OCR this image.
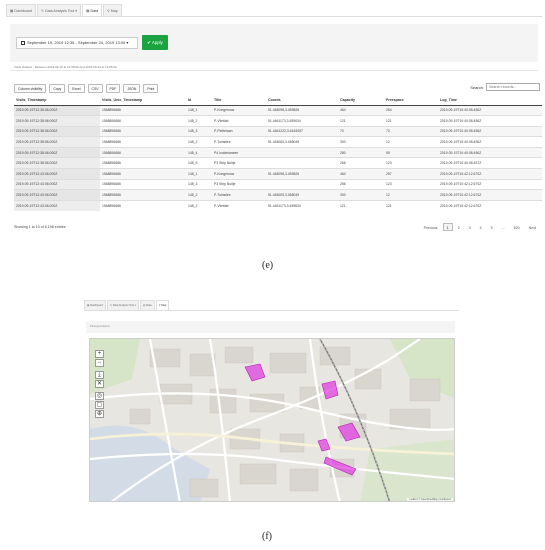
▦ Dashboard	✎ Data Analysis Tool ▾	▤ Data	⚲ Map
September 19, 2019 12:35 - September 24, 2019 13:05 ▾	✔ Apply
Visits Dataset - Between 2019-09-19 at 12:35:00 And 2019-09-24 at 13:05:00
Column visibility	Copy	Excel	CSV	PDF	JSON	Print	Search:
Search records...
Visits_Timestamp	Visits_Unix_Timestamp	Id	Title	Coords	Capacity	Freespace	Log_Time
2019-09-19T12:38:06.000Z	1568896686	148_1	P-Kongelouw	51.448098,3.459826	464	254	2019-09-19T10:40:08.456Z
2019-09-19T12:38:06.000Z	1568896686	148_2	P-Vlietlab	51.4461173,3.459634	121	121	2019-09-19T10:40:08.456Z
2019-09-19T12:38:06.000Z	1568896686	148_3	P-Plettelaan	51.4461222,3.4615057	70	70	2019-09-19T10:40:08.456Z
2019-09-19T12:38:06.000Z	1568896686	148_2	P-Toinsilee	51.445005,3.458049	300	12	2019-09-19T10:40:08.456Z
2019-09-19T12:38:06.000Z	1568896686	148_4	P4 Ivoldelaneen		280	59	2019-09-19T10:40:08.456Z
2019-09-19T12:38:06.000Z	1568896686	148_9	P3 Strip Bultje		266	123	2019-09-19T10:40:08.457Z
2019-09-19T12:43:06.000Z	1568896686	148_1	P-Kongelouw	51.448098,3.459826	464	257	2019-09-19T10:42:12.670Z
2019-09-19T12:43:06.000Z	1568896686	148_3	P3 Strip Bultje		256	123	2019-09-19T10:42:12.670Z
2019-09-19T12:43:06.000Z	1568896686	148_2	P-Toinsilee	51.445005,3.458049	300	12	2019-09-19T10:42:12.670Z
2019-09-19T12:43:06.000Z	1568896686	148_2	P-Vlietlab	51.4461173,3.459634	121	121	2019-09-19T10:42:12.670Z
Showing 1 to 10 of 6,198 entries	Previous	1	2	3	4	5	...	620	Next
(e)
▦ Dashboard	✎ Data Analysis Tool ▾	▤ Data	⚲ Map
Parking locations
+
−
⤓
✕
◎
▢
⊕
Leaflet | © OpenStreetMap contributors
(f)
